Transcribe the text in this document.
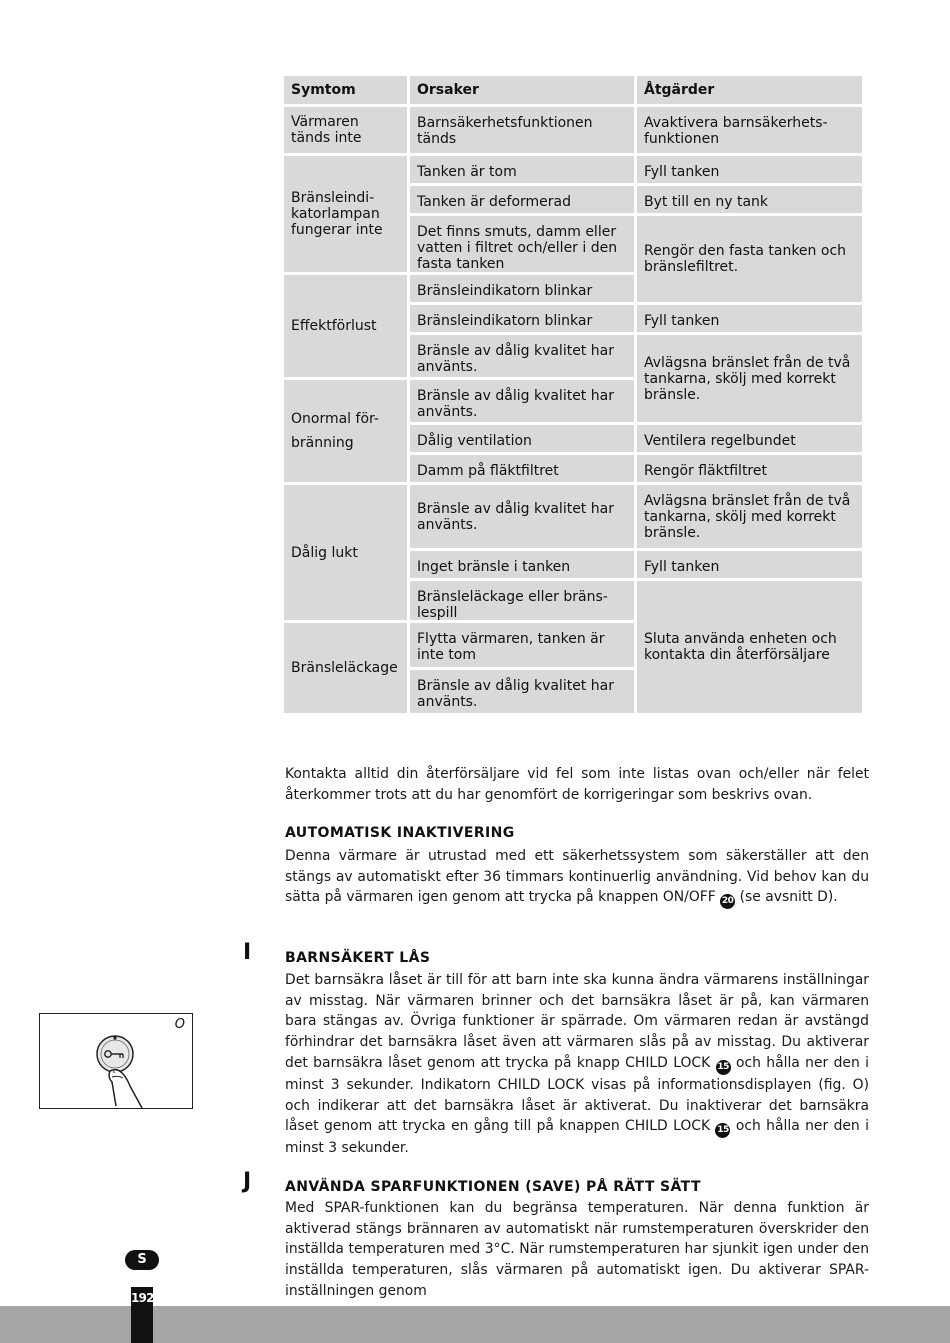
Symtom	Orsaker	Åtgärder
Värmaren
tänds inte
Bränsleindi-
katorlampan
fungerar inte
Effektförlust
Onormal för-
bränning
Dålig lukt
Bränsleläckage
Barnsäkerhetsfunktionen
tänds
Tanken är tom
Tanken är deformerad
Det finns smuts, damm eller
vatten i filtret och/eller i den
fasta tanken
Bränsleindikatorn blinkar
Bränsleindikatorn blinkar
Bränsle av dålig kvalitet har
använts.
Bränsle av dålig kvalitet har
använts.
Dålig ventilation
Damm på fläktfiltret
Bränsle av dålig kvalitet har
använts.
Inget bränsle i tanken
Bränsleläckage eller bräns-
lespill
Flytta värmaren, tanken är
inte tom
Bränsle av dålig kvalitet har
använts.
Avaktivera barnsäkerhets-
funktionen
Fyll tanken
Byt till en ny tank
Rengör den fasta tanken och
bränslefiltret.
Fyll tanken
Avlägsna bränslet från de två
tankarna, skölj med korrekt
bränsle.
Ventilera regelbundet
Rengör fläktfiltret
Avlägsna bränslet från de två
tankarna, skölj med korrekt
bränsle.
Fyll tanken
Sluta använda enheten och
kontakta din återförsäljare

Kontakta alltid din återförsäljare vid fel som inte listas ovan och/eller när felet återkommer trots att du har genomfört de korrigeringar som beskrivs ovan.

AUTOMATISK INAKTIVERING

Denna värmare är utrustad med ett säkerhetssystem som säkerställer att den stängs av automatiskt efter 36 timmars kontinuerlig användning. Vid behov kan du sätta på värmaren igen genom att trycka på knappen ON/OFF 20 (se avsnitt D).

I BARNSÄKERT LÅS

Det barnsäkra låset är till för att barn inte ska kunna ändra värmarens inställningar av misstag. När värmaren brinner och det barnsäkra låset är på, kan värmaren bara stängas av. Övriga funktioner är spärrade. Om värmaren redan är avstängd förhindrar det barnsäkra låset även att värmaren slås på av misstag. Du aktiverar det barnsäkra låset genom att trycka på knapp CHILD LOCK 15 och hålla ner den i minst 3 sekunder. Indikatorn CHILD LOCK visas på informationsdisplayen (fig. O) och indikerar att det barnsäkra låset är aktiverat. Du inaktiverar det barnsäkra låset genom att trycka en gång till på knappen CHILD LOCK 15 och hålla ner den i minst 3 sekunder.

O
J ANVÄNDA SPARFUNKTIONEN (SAVE) PÅ RÄTT SÄTT

Med SPAR-funktionen kan du begränsa temperaturen. När denna funktion är aktiverad stängs brännaren av automatiskt när rumstemperaturen överskrider den inställda temperaturen med 3°C. När rumstemperaturen har sjunkit igen under den inställda temperaturen, slås värmaren på automatiskt igen. Du aktiverar SPAR-inställningen genom

S
192
